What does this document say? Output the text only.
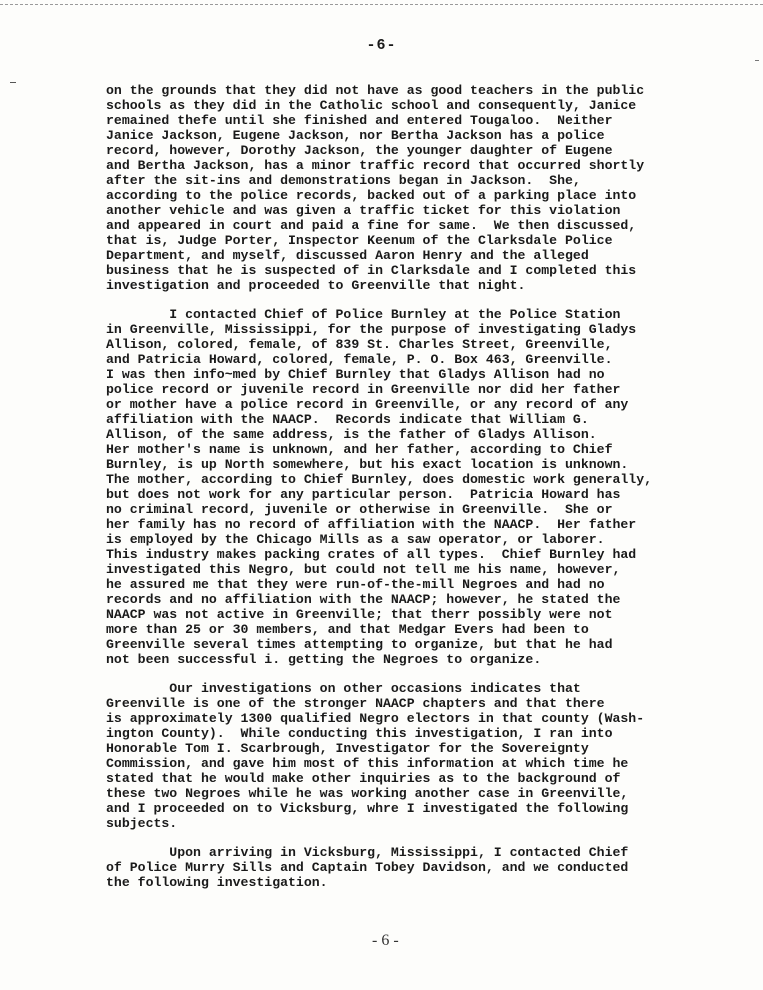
-6-
on the grounds that they did not have as good teachers in the public
schools as they did in the Catholic school and consequently, Janice
remained thefe until she finished and entered Tougaloo.  Neither
Janice Jackson, Eugene Jackson, nor Bertha Jackson has a police
record, however, Dorothy Jackson, the younger daughter of Eugene
and Bertha Jackson, has a minor traffic record that occurred shortly
after the sit-ins and demonstrations began in Jackson.  She,
according to the police records, backed out of a parking place into
another vehicle and was given a traffic ticket for this violation
and appeared in court and paid a fine for same.  We then discussed,
that is, Judge Porter, Inspector Keenum of the Clarksdale Police
Department, and myself, discussed Aaron Henry and the alleged
business that he is suspected of in Clarksdale and I completed this
investigation and proceeded to Greenville that night.
I contacted Chief of Police Burnley at the Police Station
in Greenville, Mississippi, for the purpose of investigating Gladys
Allison, colored, female, of 839 St. Charles Street, Greenville,
and Patricia Howard, colored, female, P. O. Box 463, Greenville.
I was then info~med by Chief Burnley that Gladys Allison had no
police record or juvenile record in Greenville nor did her father
or mother have a police record in Greenville, or any record of any
affiliation with the NAACP.  Records indicate that William G.
Allison, of the same address, is the father of Gladys Allison.
Her mother's name is unknown, and her father, according to Chief
Burnley, is up North somewhere, but his exact location is unknown.
The mother, according to Chief Burnley, does domestic work generally,
but does not work for any particular person.  Patricia Howard has
no criminal record, juvenile or otherwise in Greenville.  She or
her family has no record of affiliation with the NAACP.  Her father
is employed by the Chicago Mills as a saw operator, or laborer.
This industry makes packing crates of all types.  Chief Burnley had
investigated this Negro, but could not tell me his name, however,
he assured me that they were run-of-the-mill Negroes and had no
records and no affiliation with the NAACP; however, he stated the
NAACP was not active in Greenville; that therr possibly were not
more than 25 or 30 members, and that Medgar Evers had been to
Greenville several times attempting to organize, but that he had
not been successful i. getting the Negroes to organize.
Our investigations on other occasions indicates that
Greenville is one of the stronger NAACP chapters and that there
is approximately 1300 qualified Negro electors in that county (Wash-
ington County).  While conducting this investigation, I ran into
Honorable Tom I. Scarbrough, Investigator for the Sovereignty
Commission, and gave him most of this information at which time he
stated that he would make other inquiries as to the background of
these two Negroes while he was working another case in Greenville,
and I proceeded on to Vicksburg, whre I investigated the following
subjects.
Upon arriving in Vicksburg, Mississippi, I contacted Chief
of Police Murry Sills and Captain Tobey Davidson, and we conducted
the following investigation.
- 6 -
